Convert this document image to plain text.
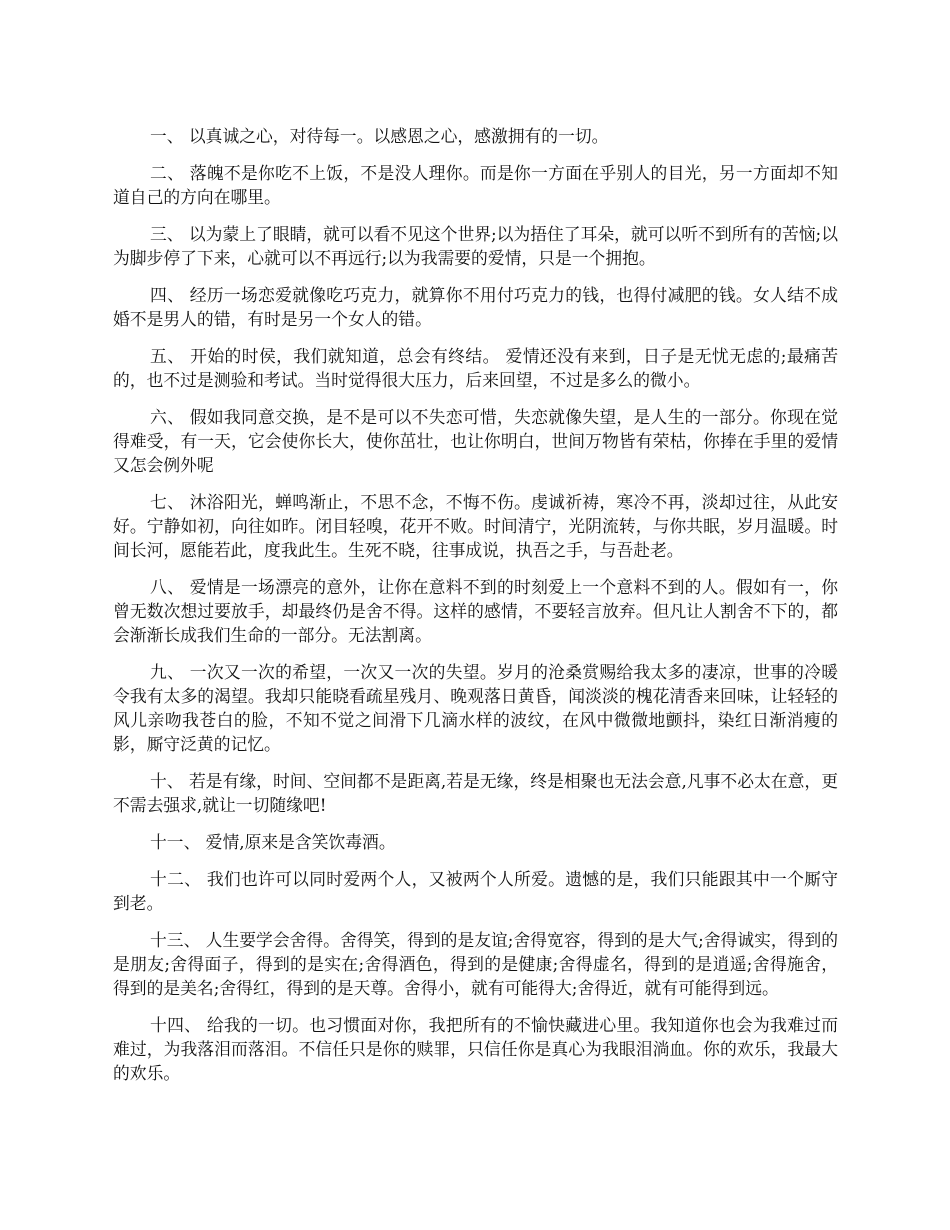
一、 以真诚之心，对待每一。以感恩之心，感激拥有的一切。

二、 落魄不是你吃不上饭，不是没人理你。而是你一方面在乎别人的目光，另一方面却不知道自己的方向在哪里。

三、 以为蒙上了眼睛，就可以看不见这个世界;以为捂住了耳朵，就可以听不到所有的苦恼;以为脚步停了下来，心就可以不再远行;以为我需要的爱情，只是一个拥抱。

四、 经历一场恋爱就像吃巧克力，就算你不用付巧克力的钱，也得付减肥的钱。女人结不成婚不是男人的错，有时是另一个女人的错。

五、 开始的时侯，我们就知道，总会有终结。 爱情还没有来到，日子是无忧无虑的;最痛苦的，也不过是测验和考试。当时觉得很大压力，后来回望，不过是多么的微小。

六、 假如我同意交换，是不是可以不失恋可惜，失恋就像失望，是人生的一部分。你现在觉得难受，有一天，它会使你长大，使你茁壮，也让你明白，世间万物皆有荣枯，你捧在手里的爱情又怎会例外呢

七、 沐浴阳光，蝉鸣渐止，不思不念，不悔不伤。虔诚祈祷，寒冷不再，淡却过往，从此安好。宁静如初，向往如昨。闭目轻嗅，花开不败。时间清宁，光阴流转，与你共眠，岁月温暖。时间长河，愿能若此，度我此生。生死不晓，往事成说，执吾之手，与吾赴老。

八、 爱情是一场漂亮的意外，让你在意料不到的时刻爱上一个意料不到的人。假如有一，你曾无数次想过要放手，却最终仍是舍不得。这样的感情，不要轻言放弃。但凡让人割舍不下的，都会渐渐长成我们生命的一部分。无法割离。

九、 一次又一次的希望，一次又一次的失望。岁月的沧桑赏赐给我太多的凄凉，世事的冷暖令我有太多的渴望。我却只能晓看疏星残月、晚观落日黄昏，闻淡淡的槐花清香来回味，让轻轻的风儿亲吻我苍白的脸，不知不觉之间滑下几滴水样的波纹，在风中微微地颤抖，染红日渐消瘦的影，厮守泛黄的记忆。

十、 若是有缘，时间、空间都不是距离,若是无缘，终是相聚也无法会意,凡事不必太在意，更不需去强求,就让一切随缘吧!

十一、 爱情,原来是含笑饮毒酒。

十二、 我们也许可以同时爱两个人，又被两个人所爱。遗憾的是，我们只能跟其中一个厮守到老。

十三、 人生要学会舍得。舍得笑，得到的是友谊;舍得宽容，得到的是大气;舍得诚实，得到的是朋友;舍得面子，得到的是实在;舍得酒色，得到的是健康;舍得虚名，得到的是逍遥;舍得施舍，得到的是美名;舍得红，得到的是天尊。舍得小，就有可能得大;舍得近，就有可能得到远。

十四、 给我的一切。也习惯面对你，我把所有的不愉快藏进心里。我知道你也会为我难过而难过，为我落泪而落泪。不信任只是你的赎罪，只信任你是真心为我眼泪淌血。你的欢乐，我最大的欢乐。
